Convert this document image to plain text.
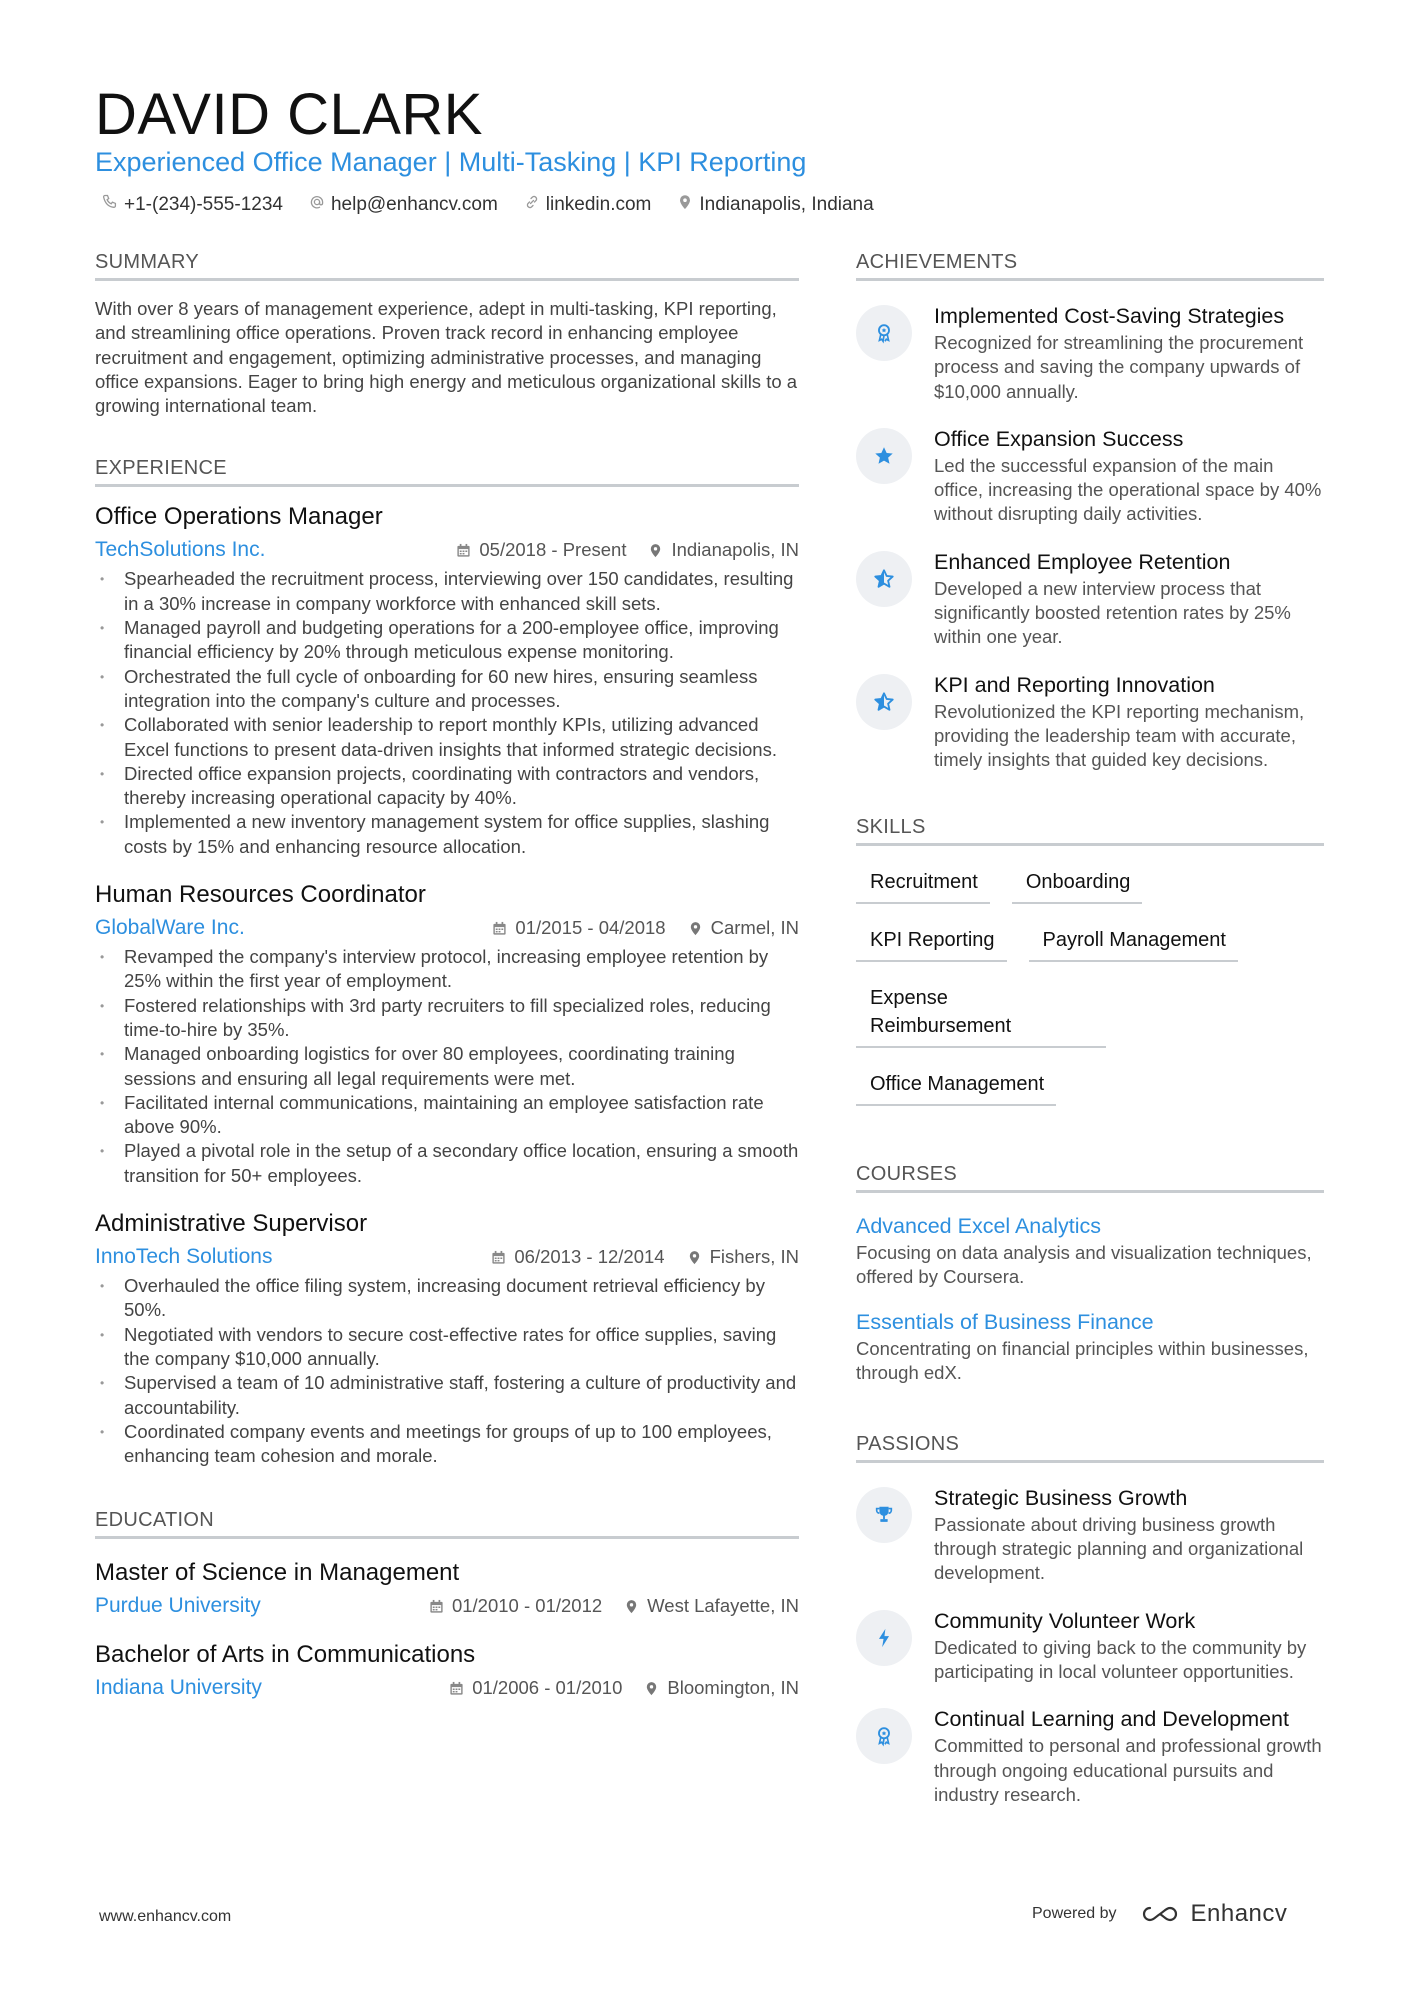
DAVID CLARK
Experienced Office Manager | Multi-Tasking | KPI Reporting
+1-(234)-555-1234	help@enhancv.com	linkedin.com	Indianapolis, Indiana
SUMMARY
With over 8 years of management experience, adept in multi-tasking, KPI reporting, and streamlining office operations. Proven track record in enhancing employee recruitment and engagement, optimizing administrative processes, and managing office expansions. Eager to bring high energy and meticulous organizational skills to a growing international team.
EXPERIENCE
Office Operations Manager
TechSolutions Inc.	05/2018 - Present Indianapolis, IN
• Spearheaded the recruitment process, interviewing over 150 candidates, resulting in a 30% increase in company workforce with enhanced skill sets.
• Managed payroll and budgeting operations for a 200-employee office, improving financial efficiency by 20% through meticulous expense monitoring.
• Orchestrated the full cycle of onboarding for 60 new hires, ensuring seamless integration into the company's culture and processes.
• Collaborated with senior leadership to report monthly KPIs, utilizing advanced Excel functions to present data-driven insights that informed strategic decisions.
• Directed office expansion projects, coordinating with contractors and vendors, thereby increasing operational capacity by 40%.
• Implemented a new inventory management system for office supplies, slashing costs by 15% and enhancing resource allocation.
Human Resources Coordinator
GlobalWare Inc.	01/2015 - 04/2018 Carmel, IN
• Revamped the company's interview protocol, increasing employee retention by 25% within the first year of employment.
• Fostered relationships with 3rd party recruiters to fill specialized roles, reducing time-to-hire by 35%.
• Managed onboarding logistics for over 80 employees, coordinating training sessions and ensuring all legal requirements were met.
• Facilitated internal communications, maintaining an employee satisfaction rate above 90%.
• Played a pivotal role in the setup of a secondary office location, ensuring a smooth transition for 50+ employees.
Administrative Supervisor
InnoTech Solutions	06/2013 - 12/2014 Fishers, IN
• Overhauled the office filing system, increasing document retrieval efficiency by 50%.
• Negotiated with vendors to secure cost-effective rates for office supplies, saving the company $10,000 annually.
• Supervised a team of 10 administrative staff, fostering a culture of productivity and accountability.
• Coordinated company events and meetings for groups of up to 100 employees, enhancing team cohesion and morale.
EDUCATION
Master of Science in Management
Purdue University	01/2010 - 01/2012 West Lafayette, IN
Bachelor of Arts in Communications
Indiana University	01/2006 - 01/2010 Bloomington, IN
ACHIEVEMENTS
Implemented Cost-Saving Strategies
Recognized for streamlining the procurement process and saving the company upwards of $10,000 annually.
Office Expansion Success
Led the successful expansion of the main office, increasing the operational space by 40% without disrupting daily activities.
Enhanced Employee Retention
Developed a new interview process that significantly boosted retention rates by 25% within one year.
KPI and Reporting Innovation
Revolutionized the KPI reporting mechanism, providing the leadership team with accurate, timely insights that guided key decisions.
SKILLS
Recruitment	Onboarding
KPI Reporting	Payroll Management
Expense Reimbursement
Office Management
COURSES
Advanced Excel Analytics
Focusing on data analysis and visualization techniques, offered by Coursera.
Essentials of Business Finance
Concentrating on financial principles within businesses, through edX.
PASSIONS
Strategic Business Growth
Passionate about driving business growth through strategic planning and organizational development.
Community Volunteer Work
Dedicated to giving back to the community by participating in local volunteer opportunities.
Continual Learning and Development
Committed to personal and professional growth through ongoing educational pursuits and industry research.
www.enhancv.com	Powered by	Enhancv
